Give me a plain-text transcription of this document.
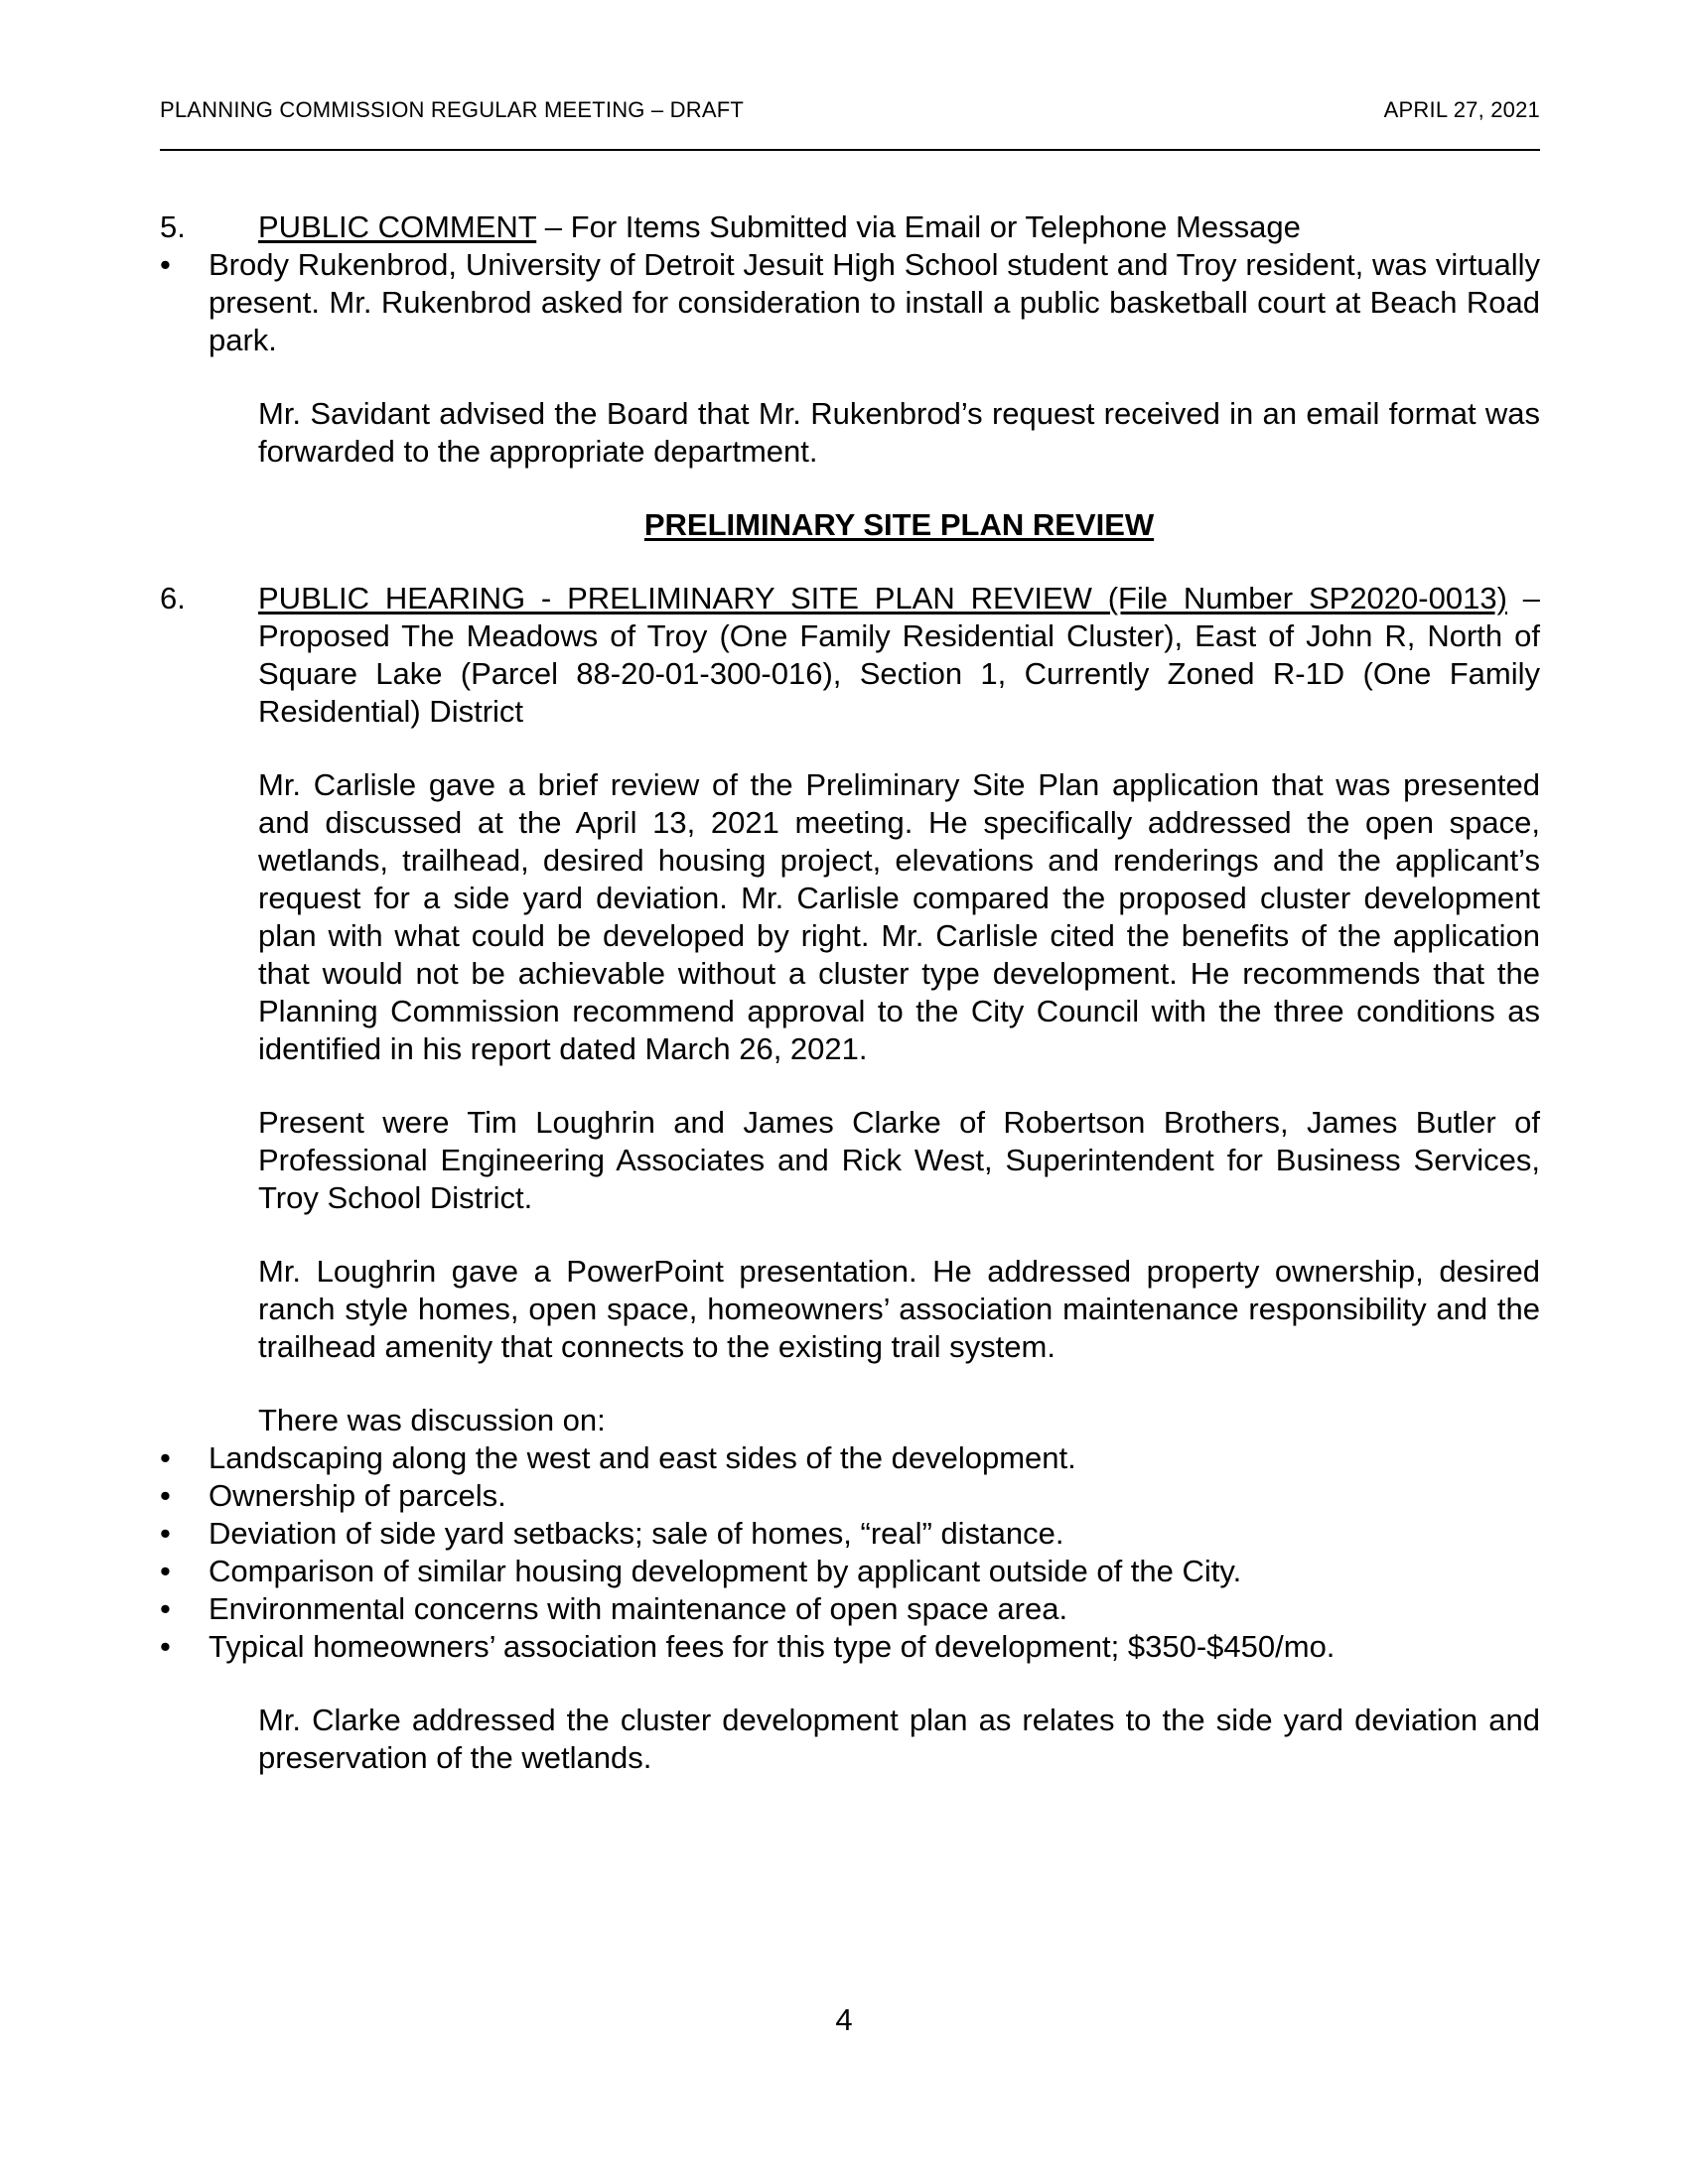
PLANNING COMMISSION REGULAR MEETING – DRAFT	APRIL 27, 2021
5.	PUBLIC COMMENT – For Items Submitted via Email or Telephone Message
•	Brody Rukenbrod, University of Detroit Jesuit High School student and Troy resident, was virtually present. Mr. Rukenbrod asked for consideration to install a public basketball court at Beach Road park.

Mr. Savidant advised the Board that Mr. Rukenbrod’s request received in an email format was forwarded to the appropriate department.

PRELIMINARY SITE PLAN REVIEW
6.	PUBLIC HEARING - PRELIMINARY SITE PLAN REVIEW (File Number SP2020-0013) – Proposed The Meadows of Troy (One Family Residential Cluster), East of John R, North of Square Lake (Parcel 88-20-01-300-016), Section 1, Currently Zoned R-1D (One Family Residential) District

Mr. Carlisle gave a brief review of the Preliminary Site Plan application that was presented and discussed at the April 13, 2021 meeting. He specifically addressed the open space, wetlands, trailhead, desired housing project, elevations and renderings and the applicant’s request for a side yard deviation. Mr. Carlisle compared the proposed cluster development plan with what could be developed by right. Mr. Carlisle cited the benefits of the application that would not be achievable without a cluster type development. He recommends that the Planning Commission recommend approval to the City Council with the three conditions as identified in his report dated March 26, 2021.

Present were Tim Loughrin and James Clarke of Robertson Brothers, James Butler of Professional Engineering Associates and Rick West, Superintendent for Business Services, Troy School District.

Mr. Loughrin gave a PowerPoint presentation. He addressed property ownership, desired ranch style homes, open space, homeowners’ association maintenance responsibility and the trailhead amenity that connects to the existing trail system.

There was discussion on:

•	Landscaping along the west and east sides of the development.
•	Ownership of parcels.
•	Deviation of side yard setbacks; sale of homes, “real” distance.
•	Comparison of similar housing development by applicant outside of the City.
•	Environmental concerns with maintenance of open space area.
•	Typical homeowners’ association fees for this type of development; $350-$450/mo.

Mr. Clarke addressed the cluster development plan as relates to the side yard deviation and preservation of the wetlands.

4
